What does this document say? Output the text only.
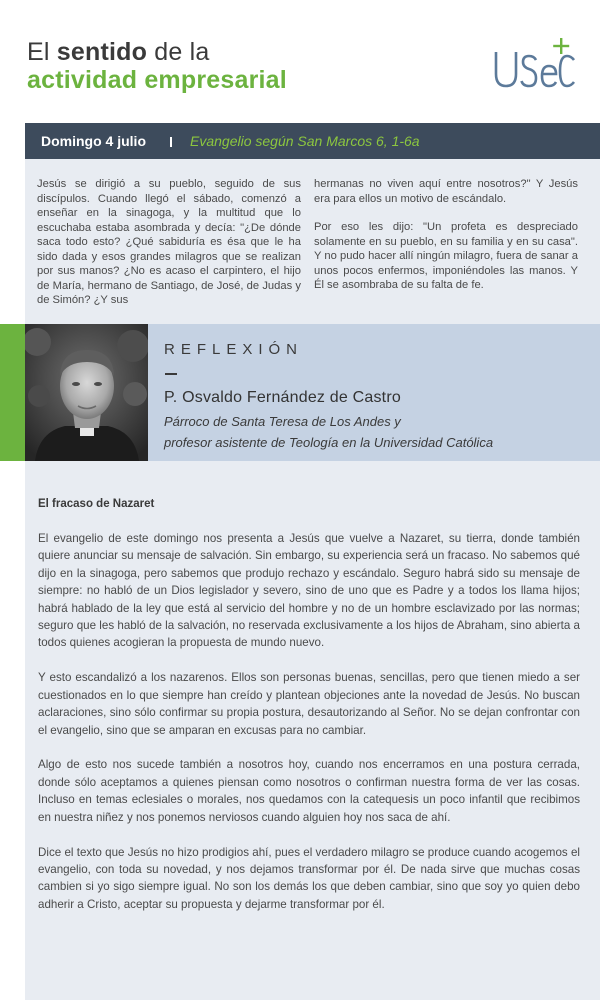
El sentido de la
actividad empresarial
Domingo 4 julio	Evangelio según San Marcos 6, 1-6a

Jesús se dirigió a su pueblo, seguido de sus discípulos. Cuando llegó el sábado, comenzó a enseñar en la sinagoga, y la multitud que lo escuchaba estaba asombrada y decía: "¿De dónde saca todo esto? ¿Qué sabiduría es ésa que le ha sido dada y esos grandes milagros que se realizan por sus manos? ¿No es acaso el carpintero, el hijo de María, hermano de Santiago, de José, de Judas y de Simón? ¿Y sus

hermanas no viven aquí entre nosotros?" Y Jesús era para ellos un motivo de escándalo.

Por eso les dijo: "Un profeta es despreciado solamente en su pueblo, en su familia y en su casa". Y no pudo hacer allí ningún milagro, fuera de sanar a unos pocos enfermos, imponiéndoles las manos. Y Él se asombraba de su falta de fe.

REFLEXIÓN
P. Osvaldo Fernández de Castro
Párroco de Santa Teresa de Los Andes y
profesor asistente de Teología en la Universidad Católica
El fracaso de Nazaret

El evangelio de este domingo nos presenta a Jesús que vuelve a Nazaret, su tierra, donde también quiere anunciar su mensaje de salvación. Sin embargo, su experiencia será un fracaso. No sabemos qué dijo en la sinagoga, pero sabemos que produjo rechazo y escándalo. Seguro habrá sido su mensaje de siempre: no habló de un Dios legislador y severo, sino de uno que es Padre y a todos los llama hijos; habrá hablado de la ley que está al servicio del hombre y no de un hombre esclavizado por las normas; seguro que les habló de la salvación, no reservada exclusivamente a los hijos de Abraham, sino abierta a todos quienes acogieran la propuesta de mundo nuevo.

Y esto escandalizó a los nazarenos. Ellos son personas buenas, sencillas, pero que tienen miedo a ser cuestionados en lo que siempre han creído y plantean objeciones ante la novedad de Jesús. No buscan aclaraciones, sino sólo confirmar su propia postura, desautorizando al Señor. No se dejan confrontar con el evangelio, sino que se amparan en excusas para no cambiar.

Algo de esto nos sucede también a nosotros hoy, cuando nos encerramos en una postura cerrada, donde sólo aceptamos a quienes piensan como nosotros o confirman nuestra forma de ver las cosas. Incluso en temas eclesiales o morales, nos quedamos con la catequesis un poco infantil que recibimos en nuestra niñez y nos ponemos nerviosos cuando alguien hoy nos saca de ahí.

Dice el texto que Jesús no hizo prodigios ahí, pues el verdadero milagro se produce cuando acogemos el evangelio, con toda su novedad, y nos dejamos transformar por él. De nada sirve que muchas cosas cambien si yo sigo siempre igual. No son los demás los que deben cambiar, sino que soy yo quien debo adherir a Cristo, aceptar su propuesta y dejarme transformar por él.
